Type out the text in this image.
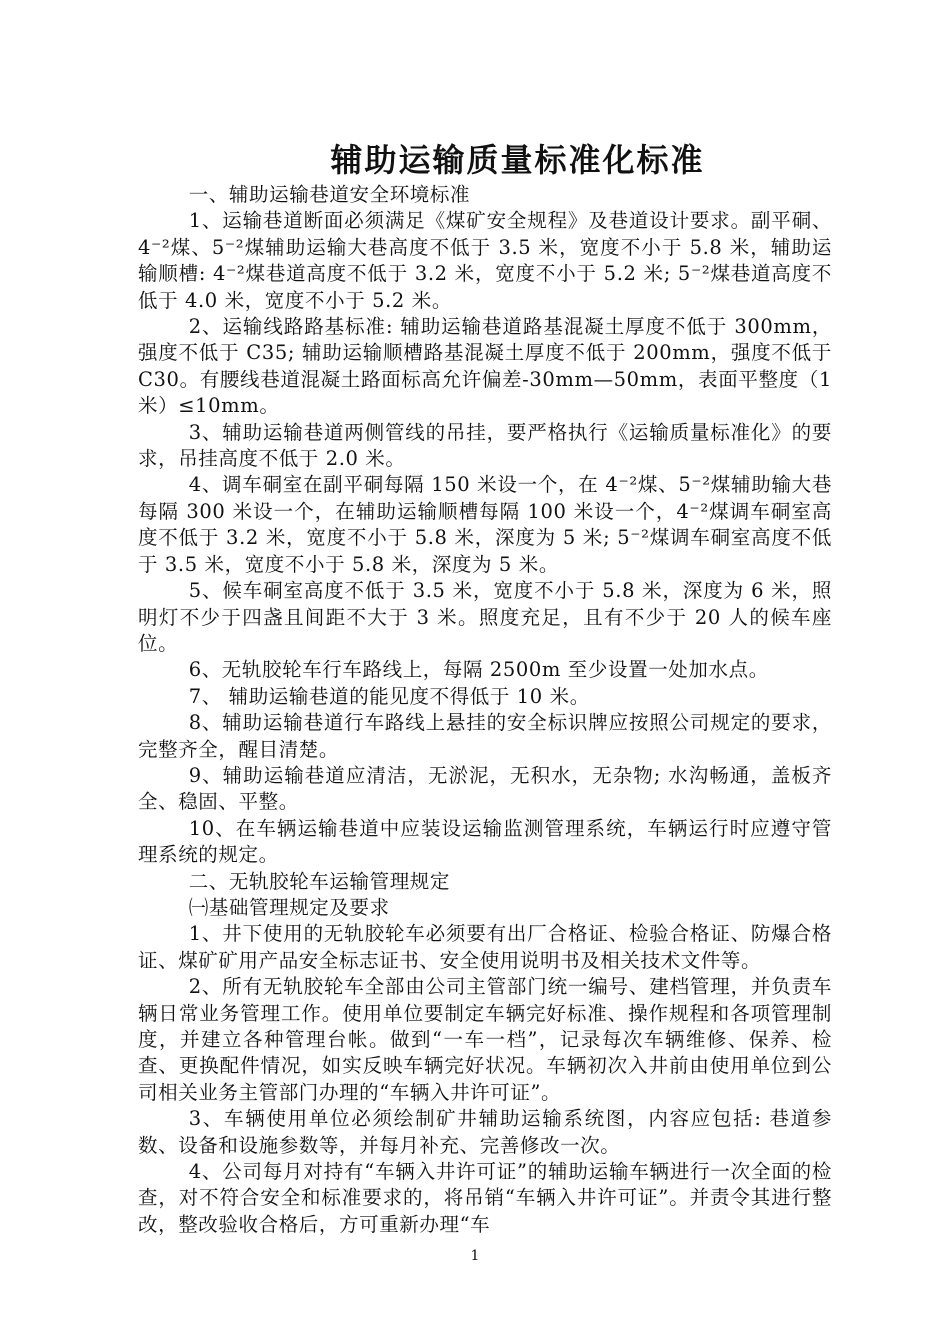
辅助运输质量标准化标准

一、辅助运输巷道安全环境标准

1、运输巷道断面必须满足《煤矿安全规程》及巷道设计要求。副平硐、4⁻²煤、5⁻²煤辅助运输大巷高度不低于 3.5 米，宽度不小于 5.8 米，辅助运输顺槽: 4⁻²煤巷道高度不低于 3.2 米，宽度不小于 5.2 米; 5⁻²煤巷道高度不低于 4.0 米，宽度不小于 5.2 米。

2、运输线路路基标准: 辅助运输巷道路基混凝土厚度不低于 300mm，强度不低于 C35; 辅助运输顺槽路基混凝土厚度不低于 200mm，强度不低于 C30。有腰线巷道混凝土路面标高允许偏差-30mm—50mm，表面平整度（1 米）≤10mm。

3、辅助运输巷道两侧管线的吊挂，要严格执行《运输质量标准化》的要求，吊挂高度不低于 2.0 米。

4、调车硐室在副平硐每隔 150 米设一个，在 4⁻²煤、5⁻²煤辅助输大巷每隔 300 米设一个，在辅助运输顺槽每隔 100 米设一个，4⁻²煤调车硐室高度不低于 3.2 米，宽度不小于 5.8 米，深度为 5 米; 5⁻²煤调车硐室高度不低于 3.5 米，宽度不小于 5.8 米，深度为 5 米。

5、候车硐室高度不低于 3.5 米，宽度不小于 5.8 米，深度为 6 米，照明灯不少于四盏且间距不大于 3 米。照度充足，且有不少于 20 人的候车座位。

6、无轨胶轮车行车路线上，每隔 2500m 至少设置一处加水点。

7、 辅助运输巷道的能见度不得低于 10 米。

8、辅助运输巷道行车路线上悬挂的安全标识牌应按照公司规定的要求，完整齐全，醒目清楚。

9、辅助运输巷道应清洁，无淤泥，无积水，无杂物; 水沟畅通，盖板齐全、稳固、平整。

10、在车辆运输巷道中应装设运输监测管理系统，车辆运行时应遵守管理系统的规定。

二、无轨胶轮车运输管理规定

㈠基础管理规定及要求

1、井下使用的无轨胶轮车必须要有出厂合格证、检验合格证、防爆合格证、煤矿矿用产品安全标志证书、安全使用说明书及相关技术文件等。

2、所有无轨胶轮车全部由公司主管部门统一编号、建档管理，并负责车辆日常业务管理工作。使用单位要制定车辆完好标准、操作规程和各项管理制度，并建立各种管理台帐。做到“一车一档”，记录每次车辆维修、保养、检查、更换配件情况，如实反映车辆完好状况。车辆初次入井前由使用单位到公司相关业务主管部门办理的“车辆入井许可证”。

3、车辆使用单位必须绘制矿井辅助运输系统图，内容应包括: 巷道参数、设备和设施参数等，并每月补充、完善修改一次。

4、公司每月对持有“车辆入井许可证”的辅助运输车辆进行一次全面的检查，对不符合安全和标准要求的，将吊销“车辆入井许可证”。并责令其进行整改，整改验收合格后，方可重新办理“车

1
